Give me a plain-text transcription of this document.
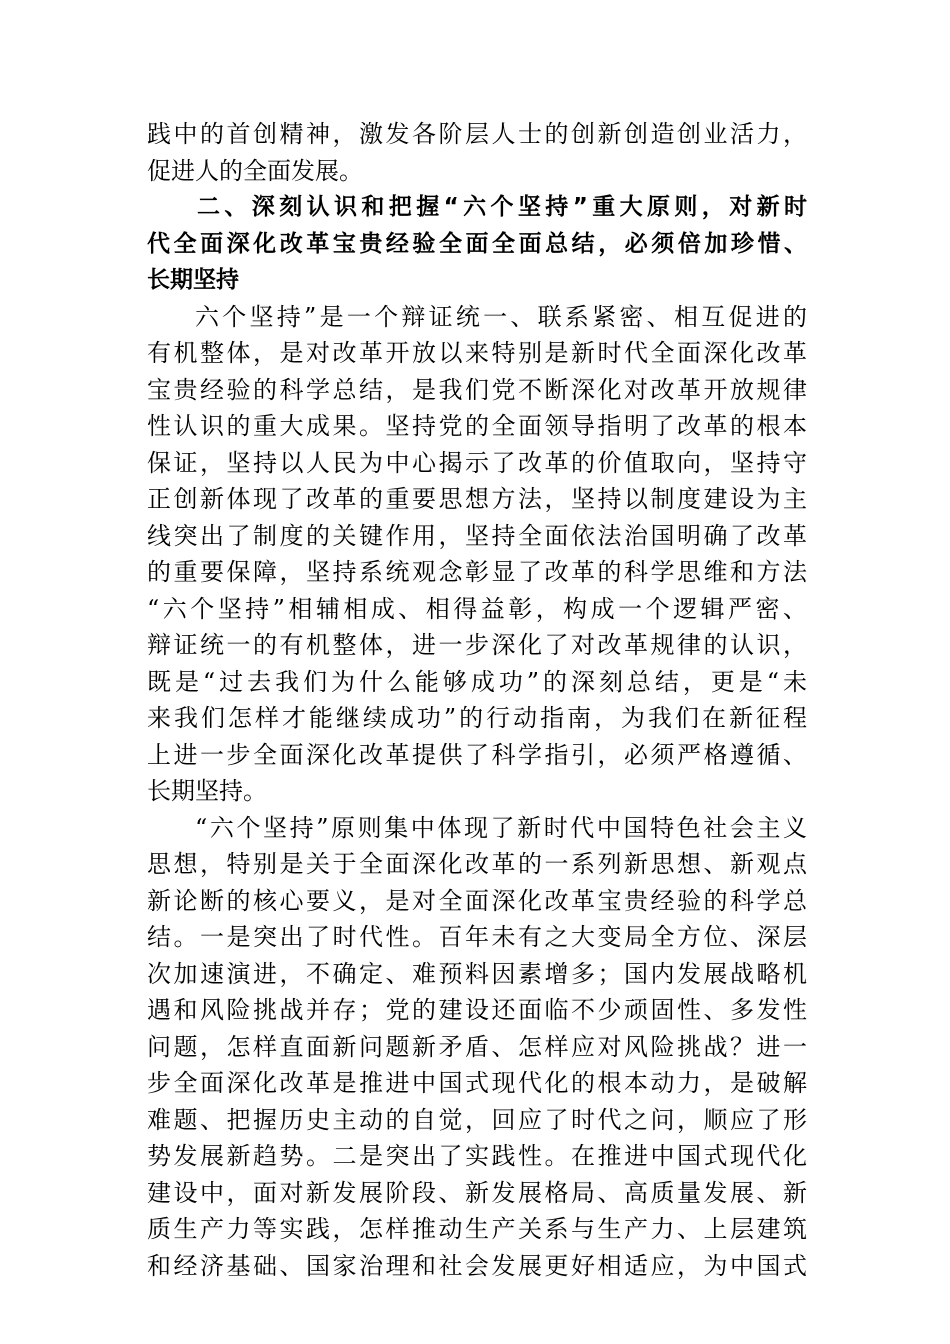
践中的首创精神，激发各阶层人士的创新创造创业活力，
促进人的全面发展。
二、深刻认识和把握“六个坚持”重大原则，对新时
代全面深化改革宝贵经验全面全面总结，必须倍加珍惜、
长期坚持
六个坚持”是一个辩证统一、联系紧密、相互促进的
有机整体，是对改革开放以来特别是新时代全面深化改革
宝贵经验的科学总结，是我们党不断深化对改革开放规律
性认识的重大成果。坚持党的全面领导指明了改革的根本
保证，坚持以人民为中心揭示了改革的价值取向，坚持守
正创新体现了改革的重要思想方法，坚持以制度建设为主
线突出了制度的关键作用，坚持全面依法治国明确了改革
的重要保障，坚持系统观念彰显了改革的科学思维和方法
“六个坚持”相辅相成、相得益彰，构成一个逻辑严密、
辩证统一的有机整体，进一步深化了对改革规律的认识，
既是“过去我们为什么能够成功”的深刻总结，更是“未
来我们怎样才能继续成功”的行动指南，为我们在新征程
上进一步全面深化改革提供了科学指引，必须严格遵循、
长期坚持。
“六个坚持”原则集中体现了新时代中国特色社会主义
思想，特别是关于全面深化改革的一系列新思想、新观点
新论断的核心要义，是对全面深化改革宝贵经验的科学总
结。一是突出了时代性。百年未有之大变局全方位、深层
次加速演进，不确定、难预料因素增多；国内发展战略机
遇和风险挑战并存；党的建设还面临不少顽固性、多发性
问题，怎样直面新问题新矛盾、怎样应对风险挑战？进一
步全面深化改革是推进中国式现代化的根本动力，是破解
难题、把握历史主动的自觉，回应了时代之问，顺应了形
势发展新趋势。二是突出了实践性。在推进中国式现代化
建设中，面对新发展阶段、新发展格局、高质量发展、新
质生产力等实践，怎样推动生产关系与生产力、上层建筑
和经济基础、国家治理和社会发展更好相适应，为中国式
